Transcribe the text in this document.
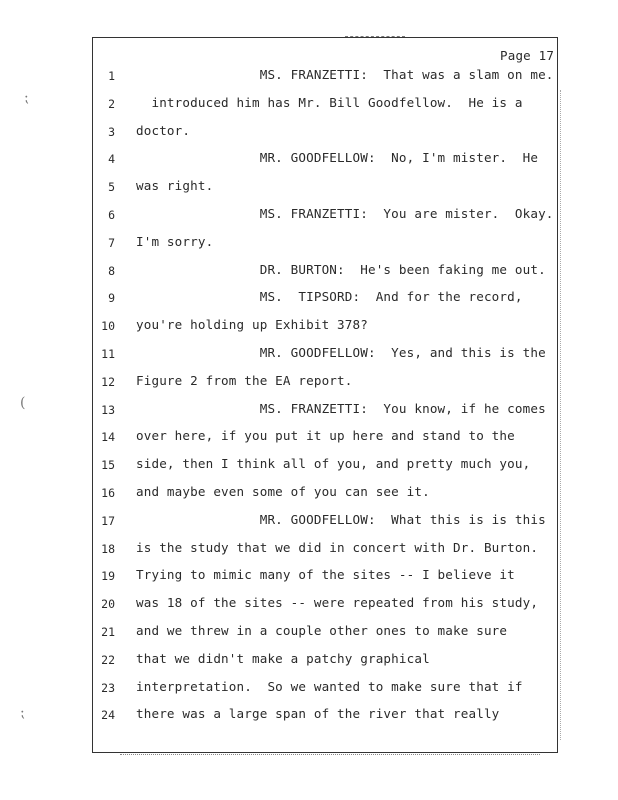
⁏
(
⁏
Page 17
1 MS. FRANZETTI:  That was a slam on me.
2 introduced him has Mr. Bill Goodfellow.  He is a
3 doctor.
4 MR. GOODFELLOW:  No, I'm mister.  He
5 was right.
6 MS. FRANZETTI:  You are mister.  Okay.
7 I'm sorry.
8 DR. BURTON:  He's been faking me out.
9 MS.  TIPSORD:  And for the record,
10 you're holding up Exhibit 378?
11 MR. GOODFELLOW:  Yes, and this is the
12 Figure 2 from the EA report.
13 MS. FRANZETTI:  You know, if he comes
14 over here, if you put it up here and stand to the
15 side, then I think all of you, and pretty much you,
16 and maybe even some of you can see it.
17 MR. GOODFELLOW:  What this is is this
18 is the study that we did in concert with Dr. Burton.
19 Trying to mimic many of the sites -- I believe it
20 was 18 of the sites -- were repeated from his study,
21 and we threw in a couple other ones to make sure
22 that we didn't make a patchy graphical
23 interpretation.  So we wanted to make sure that if
24 there was a large span of the river that really
